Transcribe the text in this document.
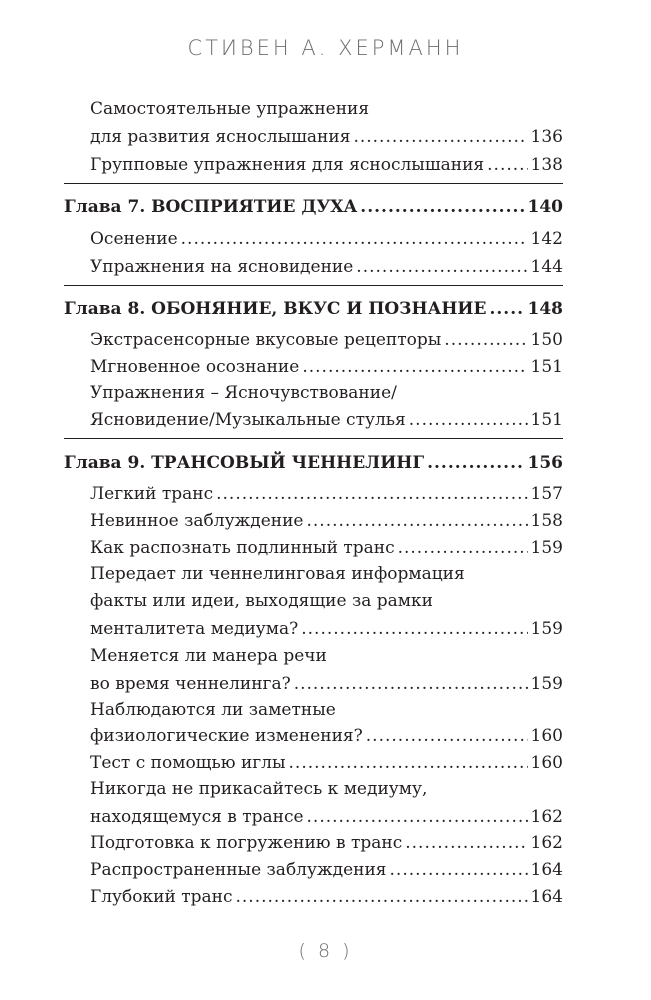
СТИВЕН А. ХЕРМАНН
Самостоятельные упражнения
для развития яснослышания .....	136
Групповые упражнения для яснослышания .....	138
Глава 7. ВОСПРИЯТИЕ ДУХА .....	140
Осенение .....	142
Упражнения на ясновидение .....	144
Глава 8. ОБОНЯНИЕ, ВКУС И ПОЗНАНИЕ ..... 148
Экстрасенсорные вкусовые рецепторы .....	150
Мгновенное осознание .....	151
Упражнения – Ясночувствование/
Ясновидение/Музыкальные стулья .....	151
Глава 9. ТРАНСОВЫЙ ЧЕННЕЛИНГ .....	156
Легкий транс .....	157
Невинное заблуждение .....	158
Как распознать подлинный транс .....	159
Передает ли ченнелинговая информация
факты или идеи, выходящие за рамки
менталитета медиума? .....	159
Меняется ли манера речи
во время ченнелинга? .....	159
Наблюдаются ли заметные
физиологические изменения? .....	160
Тест с помощью иглы .....	160
Никогда не прикасайтесь к медиуму,
находящемуся в трансе .....	162
Подготовка к погружению в транс .....	162
Распространенные заблуждения .....	164
Глубокий транс .....	164
( 8 )
